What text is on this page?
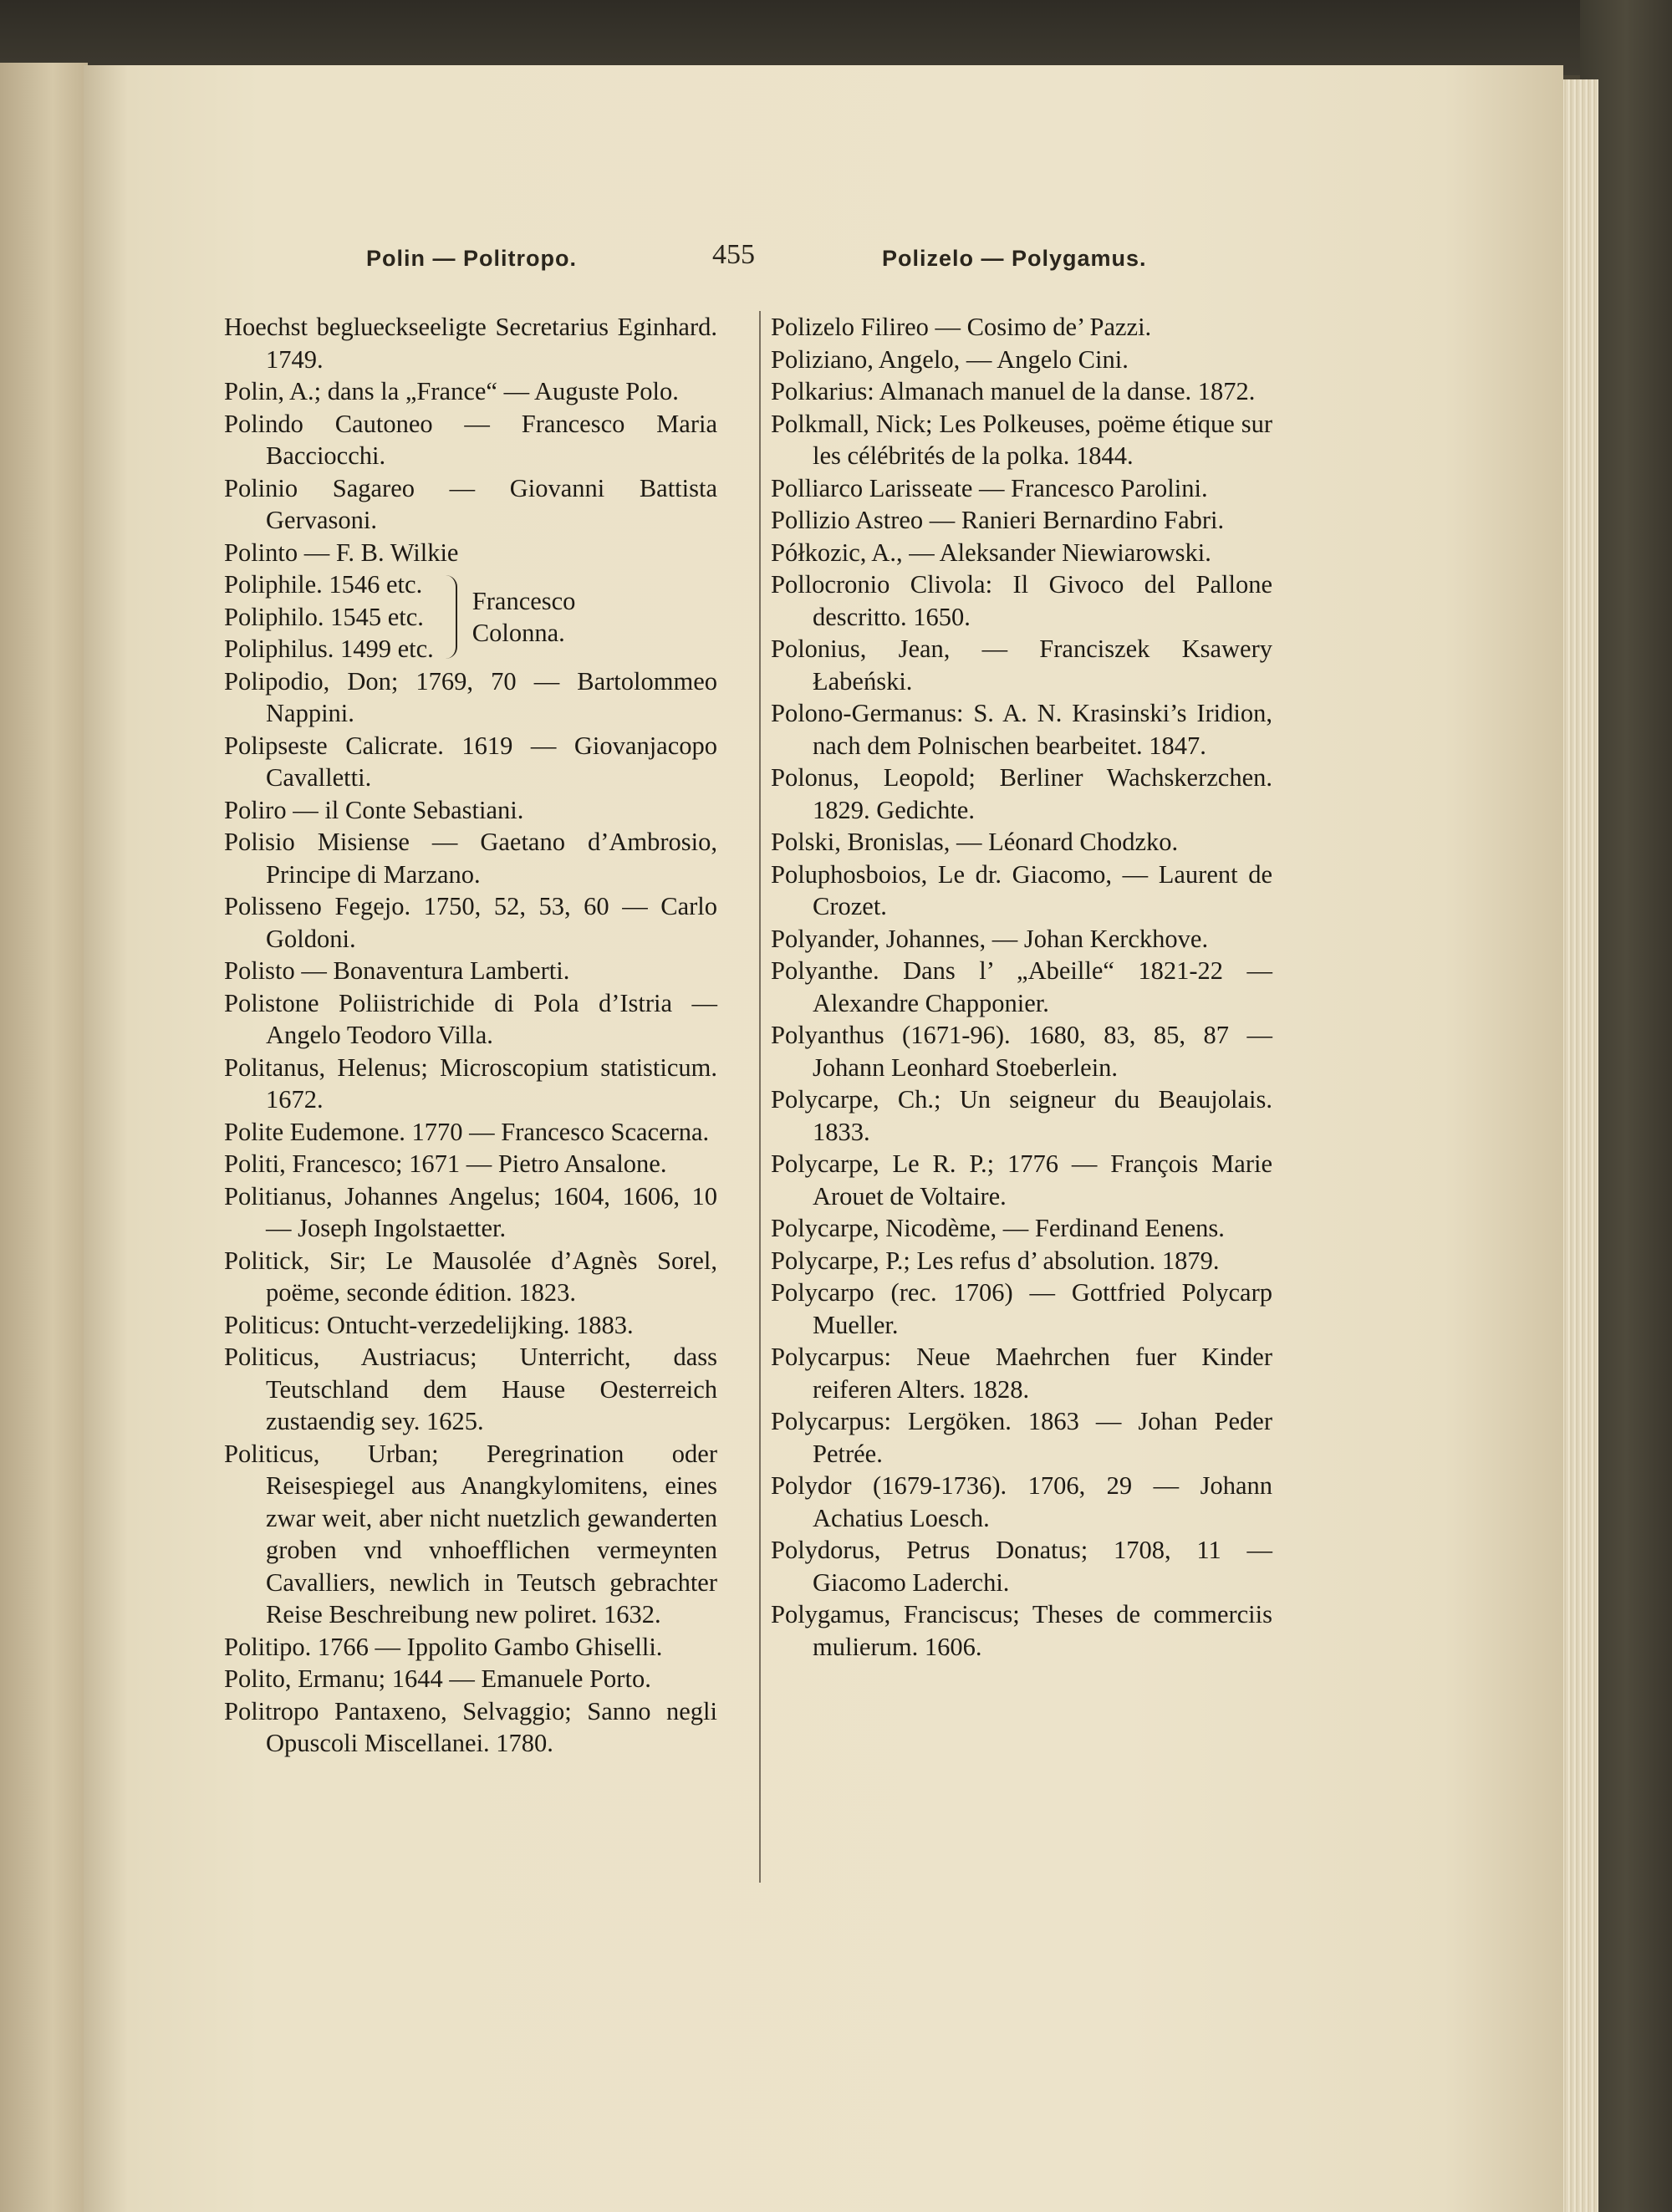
Polin — Politropo.	455	Polizelo — Polygamus.

Hoechst beglueckseeligte Secretarius Eginhard. 1749.

Polin, A.; dans la „France“ — Auguste Polo.

Polindo Cautoneo — Francesco Maria Bacciocchi.

Polinio Sagareo — Giovanni Battista Gervasoni.

Polinto — F. B. Wilkie

Poliphile. 1546 etc.
Poliphilo. 1545 etc.
Poliphilus. 1499 etc.
Francesco
Colonna.

Polipodio, Don; 1769, 70 — Bartolommeo Nappini.

Polipseste Calicrate. 1619 — Giovanjacopo Cavalletti.

Poliro — il Conte Sebastiani.

Polisio Misiense — Gaetano d’Ambrosio, Principe di Marzano.

Polisseno Fegejo. 1750, 52, 53, 60 — Carlo Goldoni.

Polisto — Bonaventura Lamberti.

Polistone Poliistrichide di Pola d’Istria — Angelo Teodoro Villa.

Politanus, Helenus; Microscopium statisticum. 1672.

Polite Eudemone. 1770 — Francesco Scacerna.

Politi, Francesco; 1671 — Pietro Ansalone.

Politianus, Johannes Angelus; 1604, 1606, 10 — Joseph Ingolstaetter.

Politick, Sir; Le Mausolée d’Agnès Sorel, poëme, seconde édition. 1823.

Politicus: Ontucht-verzedelijking. 1883.

Politicus, Austriacus; Unterricht, dass Teutschland dem Hause Oesterreich zustaendig sey. 1625.

Politicus, Urban; Peregrination oder Reisespiegel aus Anangkylomitens, eines zwar weit, aber nicht nuetzlich gewanderten groben vnd vnhoefflichen vermeynten Cavalliers, newlich in Teutsch gebrachter Reise Beschreibung new poliret. 1632.

Politipo. 1766 — Ippolito Gambo Ghiselli.

Polito, Ermanu; 1644 — Emanuele Porto.

Politropo Pantaxeno, Selvaggio; Sanno negli Opuscoli Miscellanei. 1780.

Polizelo Filireo — Cosimo de’ Pazzi.

Poliziano, Angelo, — Angelo Cini.

Polkarius: Almanach manuel de la danse. 1872.

Polkmall, Nick; Les Polkeuses, poëme étique sur les célébrités de la polka. 1844.

Polliarco Larisseate — Francesco Parolini.

Pollizio Astreo — Ranieri Bernardino Fabri.

Półkozic, A., — Aleksander Niewiarowski.

Pollocronio Clivola: Il Givoco del Pallone descritto. 1650.

Polonius, Jean, — Franciszek Ksawery Łabeński.

Polono-Germanus: S. A. N. Krasinski’s Iridion, nach dem Polnischen bearbeitet. 1847.

Polonus, Leopold; Berliner Wachskerzchen. 1829. Gedichte.

Polski, Bronislas, — Léonard Chodzko.

Poluphosboios, Le dr. Giacomo, — Laurent de Crozet.

Polyander, Johannes, — Johan Kerckhove.

Polyanthe. Dans l’ „Abeille“ 1821-22 — Alexandre Chapponier.

Polyanthus (1671-96). 1680, 83, 85, 87 — Johann Leonhard Stoeberlein.

Polycarpe, Ch.; Un seigneur du Beaujolais. 1833.

Polycarpe, Le R. P.; 1776 — François Marie Arouet de Voltaire.

Polycarpe, Nicodème, — Ferdinand Eenens.

Polycarpe, P.; Les refus d’ absolution. 1879.

Polycarpo (rec. 1706) — Gottfried Polycarp Mueller.

Polycarpus: Neue Maehrchen fuer Kinder reiferen Alters. 1828.

Polycarpus: Lergöken. 1863 — Johan Peder Petrée.

Polydor (1679-1736). 1706, 29 — Johann Achatius Loesch.

Polydorus, Petrus Donatus; 1708, 11 — Giacomo Laderchi.

Polygamus, Franciscus; Theses de commerciis mulierum. 1606.
